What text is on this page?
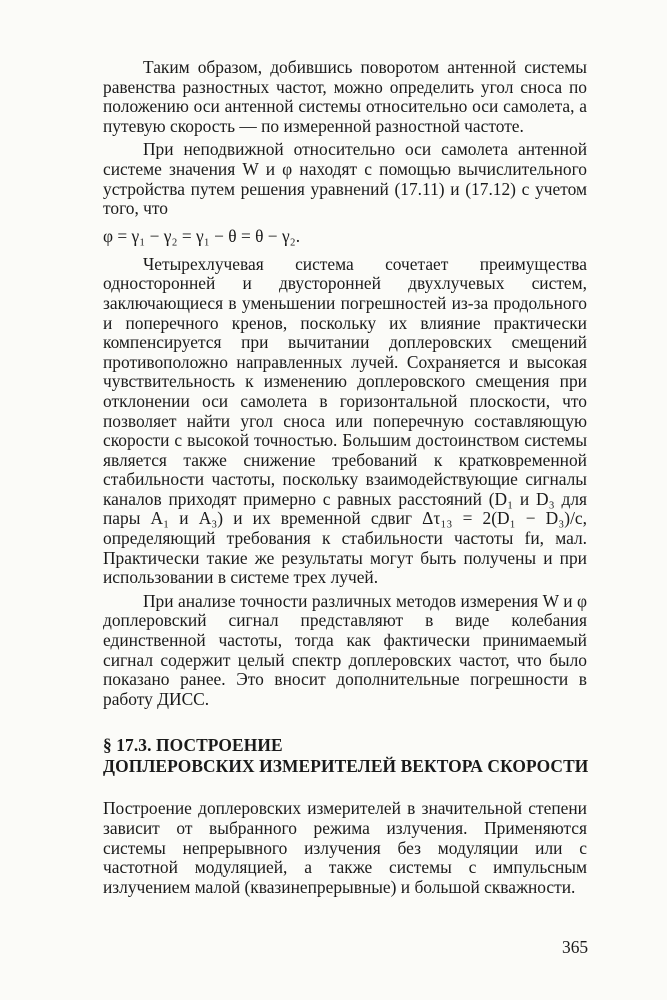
Таким образом, добившись поворотом антенной системы равенства разностных частот, можно определить угол сноса по положению оси антенной системы относительно оси самолета, а путевую скорость — по измеренной разностной частоте.

При неподвижной относительно оси самолета антенной системе значения W и φ находят с помощью вычислительного устройства путем решения уравнений (17.11) и (17.12) с учетом того, что

φ = γ₁ − γ₂ = γ₁ − θ = θ − γ₂.

Четырехлучевая система сочетает преимущества односторонней и двусторонней двухлучевых систем, заключающиеся в уменьшении погрешностей из-за продольного и поперечного кренов, поскольку их влияние практически компенсируется при вычитании доплеровских смещений противоположно направленных лучей. Сохраняется и высокая чувствительность к изменению доплеровского смещения при отклонении оси самолета в горизонтальной плоскости, что позволяет найти угол сноса или поперечную составляющую скорости с высокой точностью. Большим достоинством системы является также снижение требований к кратковременной стабильности частоты, поскольку взаимодействующие сигналы каналов приходят примерно с равных расстояний (D₁ и D₃ для пары A₁ и A₃) и их временной сдвиг Δτ₁₃ = 2(D₁ − D₃)/c, определяющий требования к стабильности частоты fи, мал. Практически такие же результаты могут быть получены и при использовании в системе трех лучей.

При анализе точности различных методов измерения W и φ доплеровский сигнал представляют в виде колебания единственной частоты, тогда как фактически принимаемый сигнал содержит целый спектр доплеровских частот, что было показано ранее. Это вносит дополнительные погрешности в работу ДИСС.

§ 17.3. ПОСТРОЕНИЕ
ДОПЛЕРОВСКИХ ИЗМЕРИТЕЛЕЙ ВЕКТОРА СКОРОСТИ

Построение доплеровских измерителей в значительной степени зависит от выбранного режима излучения. Применяются системы непрерывного излучения без модуляции или с частотной модуляцией, а также системы с импульсным излучением малой (квазинепрерывные) и большой скважности.

365
